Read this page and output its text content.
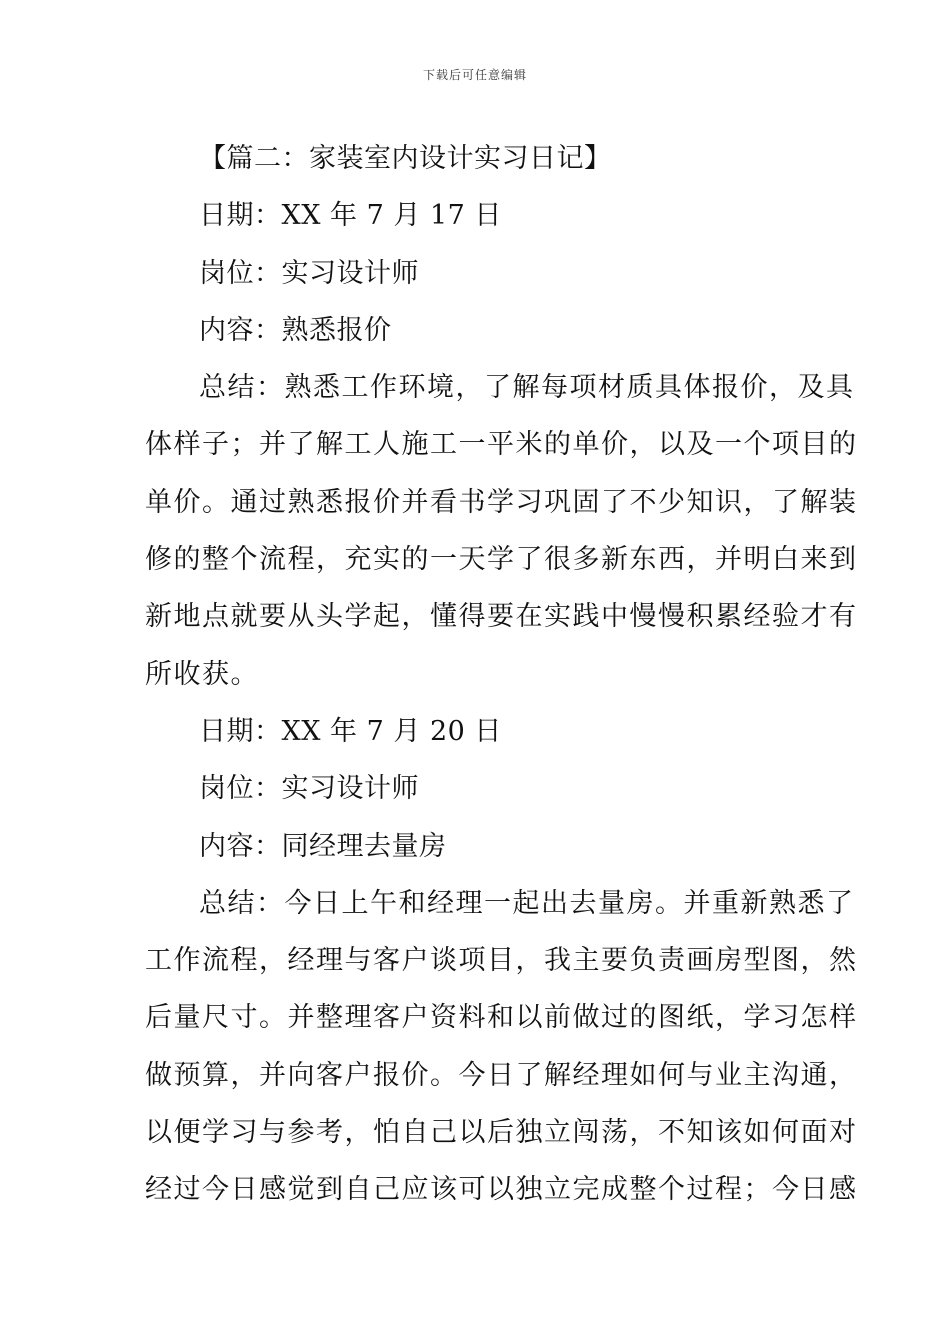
下载后可任意编辑
【篇二：家装室内设计实习日记】
日期：XX 年 7 月 17 日
岗位：实习设计师
内容：熟悉报价
总结：熟悉工作环境，了解每项材质具体报价，及具
体样子；并了解工人施工一平米的单价，以及一个项目的
单价。通过熟悉报价并看书学习巩固了不少知识，了解装
修的整个流程，充实的一天学了很多新东西，并明白来到
新地点就要从头学起，懂得要在实践中慢慢积累经验才有
所收获。
日期：XX 年 7 月 20 日
岗位：实习设计师
内容：同经理去量房
总结：今日上午和经理一起出去量房。并重新熟悉了
工作流程，经理与客户谈项目，我主要负责画房型图，然
后量尺寸。并整理客户资料和以前做过的图纸，学习怎样
做预算，并向客户报价。今日了解经理如何与业主沟通，
以便学习与参考，怕自己以后独立闯荡，不知该如何面对
经过今日感觉到自己应该可以独立完成整个过程；今日感
